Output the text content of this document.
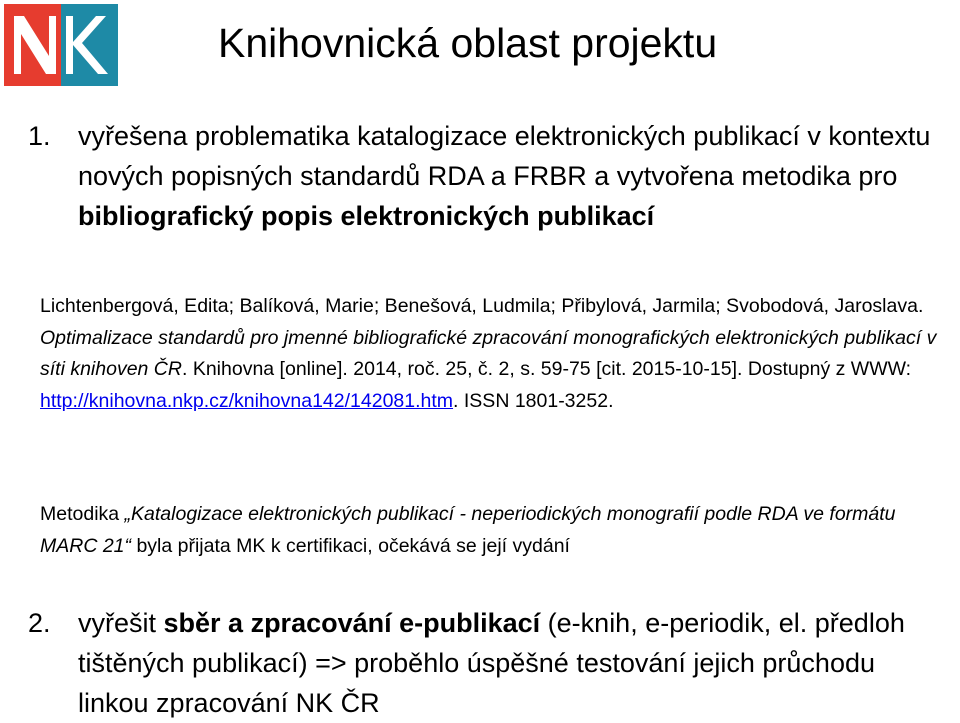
Knihovnická oblast projektu
1.	vyřešena problematika katalogizace elektronických publikací v kontextu nových popisných standardů RDA a FRBR a vytvořena metodika pro bibliografický popis elektronických publikací
Lichtenbergová, Edita; Balíková, Marie; Benešová, Ludmila; Přibylová, Jarmila; Svobodová, Jaroslava. Optimalizace standardů pro jmenné bibliografické zpracování monografických elektronických publikací v síti knihoven ČR. Knihovna [online]. 2014, roč. 25, č. 2, s. 59-75 [cit. 2015-10-15]. Dostupný z WWW: http://knihovna.nkp.cz/knihovna142/142081.htm. ISSN 1801-3252.
Metodika „Katalogizace elektronických publikací - neperiodických monografií podle RDA ve formátu MARC 21“ byla přijata MK k certifikaci, očekává se její vydání
2.	vyřešit sběr a zpracování e-publikací (e-knih, e-periodik, el. předloh tištěných publikací) => proběhlo úspěšné testování jejich průchodu linkou zpracování NK ČR
